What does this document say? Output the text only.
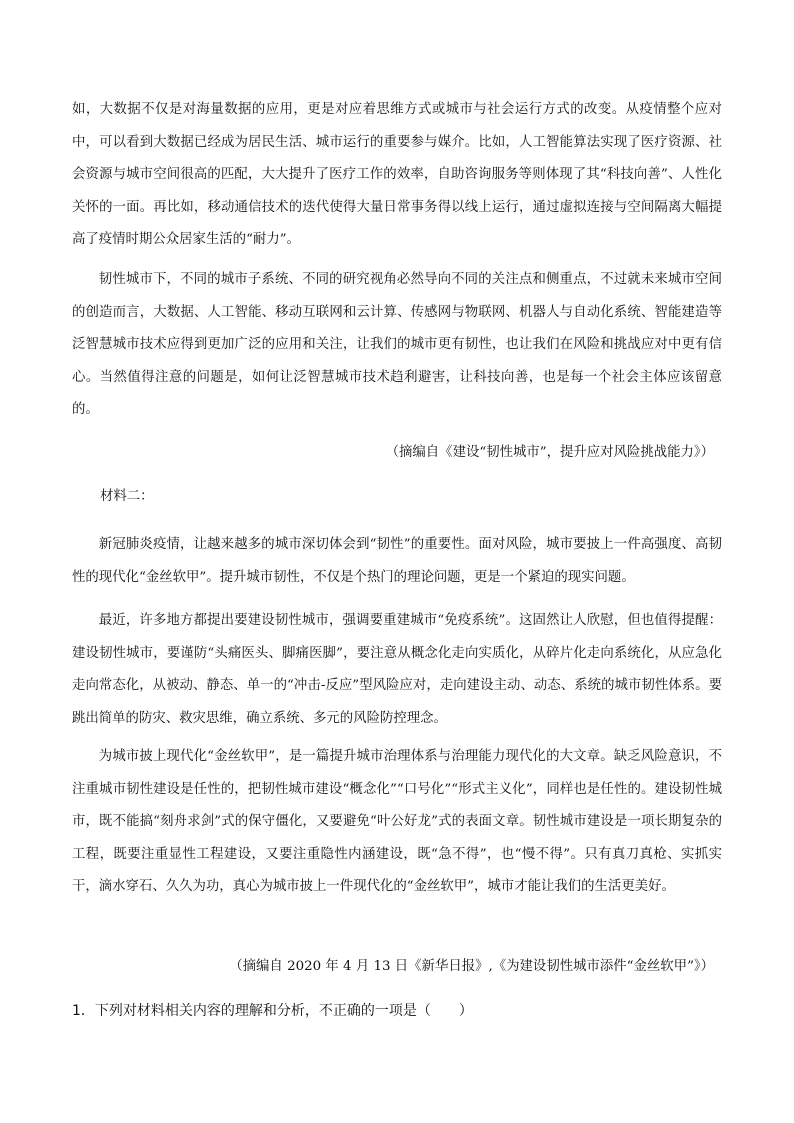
如，大数据不仅是对海量数据的应用，更是对应着思维方式或城市与社会运行方式的改变。从疫情整个应对中，可以看到大数据已经成为居民生活、城市运行的重要参与媒介。比如，人工智能算法实现了医疗资源、社会资源与城市空间很高的匹配，大大提升了医疗工作的效率，自助咨询服务等则体现了其“科技向善”、人性化关怀的一面。再比如，移动通信技术的迭代使得大量日常事务得以线上运行，通过虚拟连接与空间隔离大幅提高了疫情时期公众居家生活的“耐力”。

韧性城市下，不同的城市子系统、不同的研究视角必然导向不同的关注点和侧重点，不过就未来城市空间的创造而言，大数据、人工智能、移动互联网和云计算、传感网与物联网、机器人与自动化系统、智能建造等泛智慧城市技术应得到更加广泛的应用和关注，让我们的城市更有韧性，也让我们在风险和挑战应对中更有信心。当然值得注意的问题是，如何让泛智慧城市技术趋利避害，让科技向善，也是每一个社会主体应该留意的。

（摘编自《建设“韧性城市”，提升应对风险挑战能力》）

材料二：

新冠肺炎疫情，让越来越多的城市深切体会到“韧性”的重要性。面对风险，城市要披上一件高强度、高韧性的现代化“金丝软甲”。提升城市韧性，不仅是个热门的理论问题，更是一个紧迫的现实问题。

最近，许多地方都提出要建设韧性城市，强调要重建城市“免疫系统”。这固然让人欣慰，但也值得提醒：建设韧性城市，要谨防“头痛医头、脚痛医脚”，要注意从概念化走向实质化，从碎片化走向系统化，从应急化走向常态化，从被动、静态、单一的“冲击-反应”型风险应对，走向建设主动、动态、系统的城市韧性体系。要跳出简单的防灾、救灾思维，确立系统、多元的风险防控理念。

为城市披上现代化“金丝软甲”，是一篇提升城市治理体系与治理能力现代化的大文章。缺乏风险意识，不注重城市韧性建设是任性的，把韧性城市建设“概念化”“口号化”“形式主义化”，同样也是任性的。建设韧性城市，既不能搞“刻舟求剑”式的保守僵化，又要避免“叶公好龙”式的表面文章。韧性城市建设是一项长期复杂的工程，既要注重显性工程建设，又要注重隐性内涵建设，既“急不得”，也“慢不得”。只有真刀真枪、实抓实干，滴水穿石、久久为功，真心为城市披上一件现代化的“金丝软甲”，城市才能让我们的生活更美好。

（摘编自 2020 年 4 月 13 日《新华日报》,《为建设韧性城市添件“金丝软甲”》）

1．下列对材料相关内容的理解和分析，不正确的一项是（　　）
